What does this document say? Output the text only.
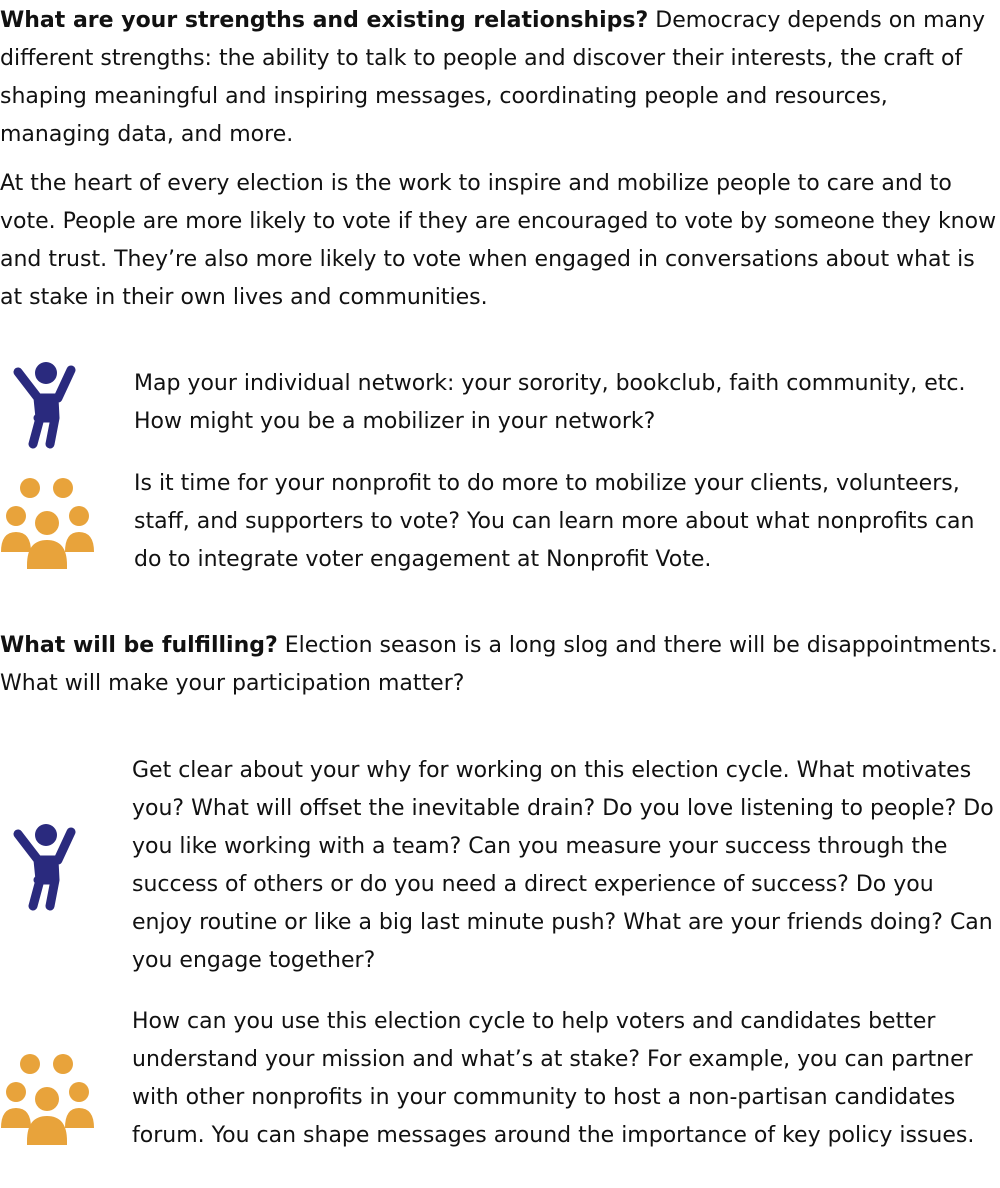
What are your strengths and existing relationships? Democracy depends on many different strengths: the ability to talk to people and discover their interests, the craft of shaping meaningful and inspiring messages, coordinating people and resources, managing data, and more.

At the heart of every election is the work to inspire and mobilize people to care and to vote. People are more likely to vote if they are encouraged to vote by someone they know and trust. They’re also more likely to vote when engaged in conversations about what is at stake in their own lives and communities.

Map your individual network: your sorority, bookclub, faith community, etc. How might you be a mobilizer in your network?

Is it time for your nonprofit to do more to mobilize your clients, volunteers, staff, and supporters to vote? You can learn more about what nonprofits can do to integrate voter engagement at Nonprofit Vote.

What will be fulfilling? Election season is a long slog and there will be disappointments. What will make your participation matter?

Get clear about your why for working on this election cycle. What motivates you? What will offset the inevitable drain? Do you love listening to people? Do you like working with a team? Can you measure your success through the success of others or do you need a direct experience of success? Do you enjoy routine or like a big last minute push? What are your friends doing? Can you engage together?

How can you use this election cycle to help voters and candidates better understand your mission and what’s at stake? For example, you can partner with other nonprofits in your community to host a non-partisan candidates forum. You can shape messages around the importance of key policy issues.
